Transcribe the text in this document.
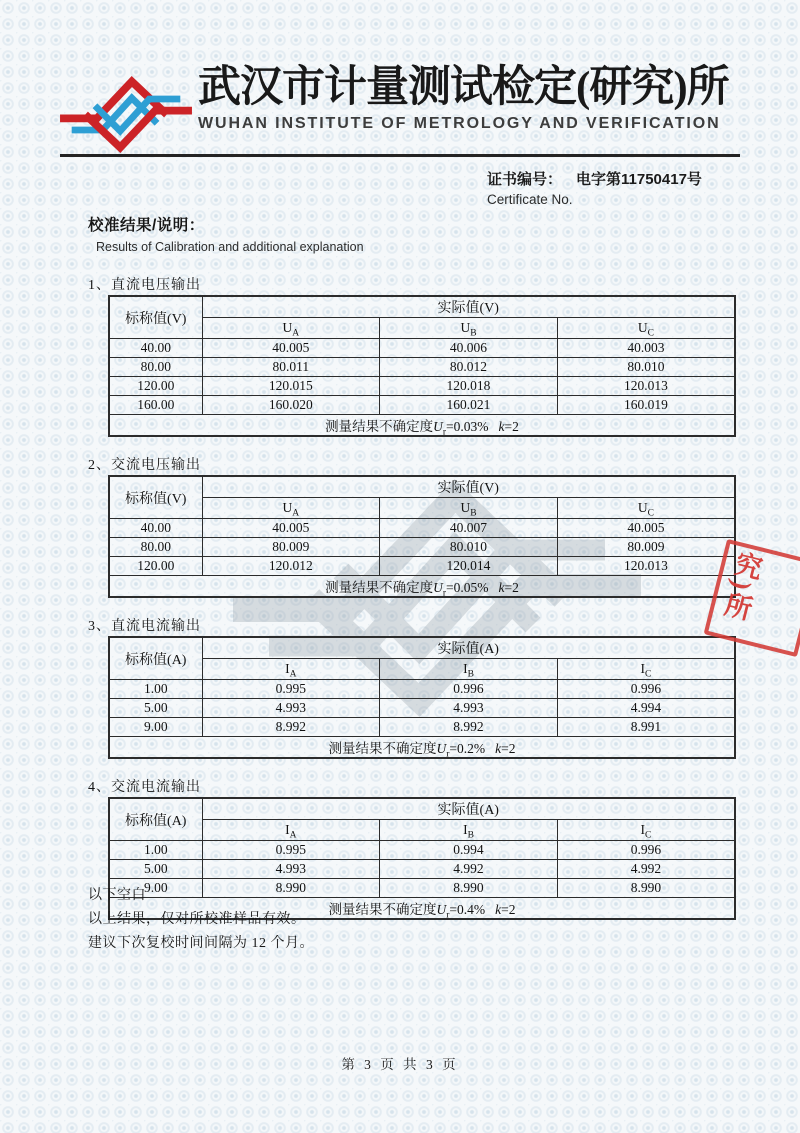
武汉市计量测试检定(研究)所
WUHAN INSTITUTE OF METROLOGY AND VERIFICATION
证书编号： 电字第11750417号
Certificate No.
校准结果/说明：
Results of Calibration and additional explanation
1、直流电压输出
标称值(V)	实际值(V)		
	$U_A$	$U_B$	$U_C$
40.00	40.005	40.006	40.003
80.00	80.011	80.012	80.010
120.00	120.015	120.018	120.013
160.00	160.020	160.021	160.019
测量结果不确定度$U_r=0.03\%$ k=2			
2、交流电压输出
标称值(V)	实际值(V)		
	$U_A$	$U_B$	$U_C$
40.00	40.005	40.007	40.005
80.00	80.009	80.010	80.009
120.00	120.012	120.014	120.013
测量结果不确定度$U_r=0.05\%$ k=2			
3、直流电流输出
标称值(A)	实际值(A)		
	$I_A$	$I_B$	$I_C$
1.00	0.995	0.996	0.996
5.00	4.993	4.993	4.994
9.00	8.992	8.992	8.991
测量结果不确定度$U_r=0.2\%$ k=2			
4、交流电流输出
标称值(A)	实际值(A)		
	$I_A$	$I_B$	$I_C$
1.00	0.995	0.994	0.996
5.00	4.993	4.992	4.992
9.00	8.990	8.990	8.990
测量结果不确定度$U_r=0.4\%$ k=2			
以下空白
以上结果，仅对所校准样品有效。
建议下次复校时间间隔为 12 个月。
第 3 页 共 3 页
究)所
